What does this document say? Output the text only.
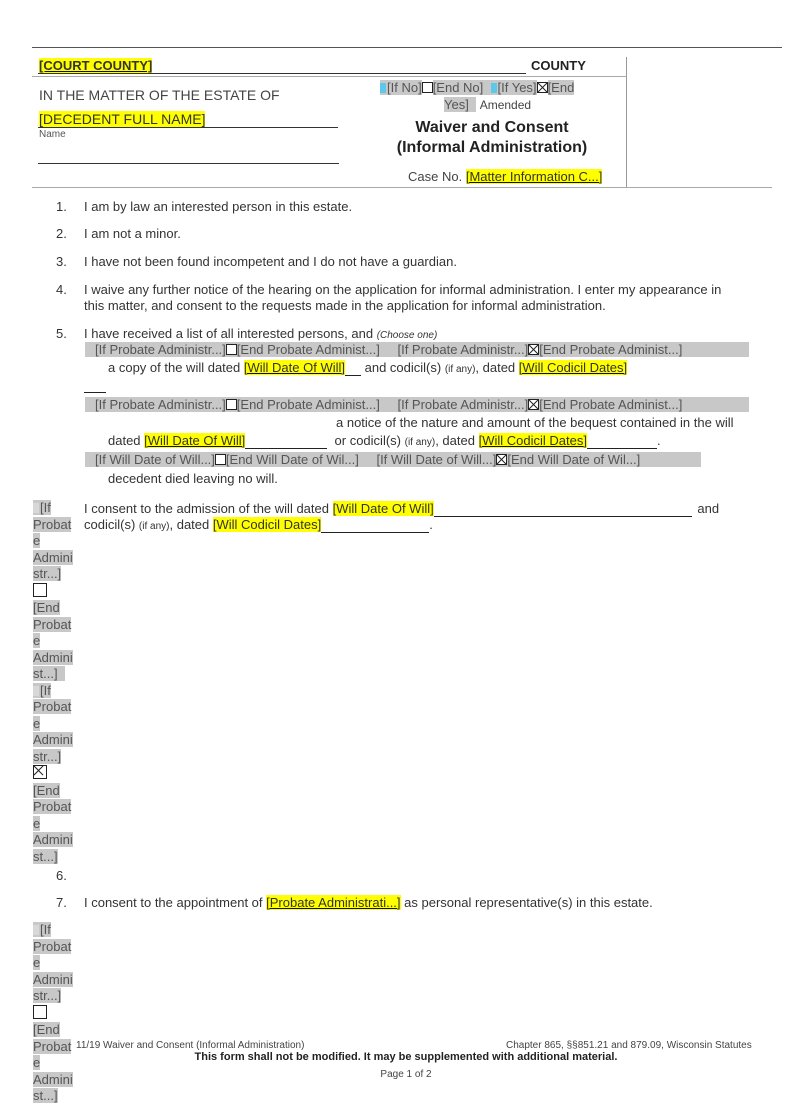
[COURT COUNTY]	COUNTY
IN THE MATTER OF THE ESTATE OF
[DECEDENT FULL NAME]
Name
[If No] [End No] [If Yes] [End
Yes] Amended
Waiver and Consent
(Informal Administration)
Case No. [Matter Information C...]
1. I am by law an interested person in this estate.
2. I am not a minor.
3. I have not been found incompetent and I do not have a guardian.
4. I waive any further notice of the hearing on the application for informal administration. I enter my appearance in
this matter, and consent to the requests made in the application for informal administration.
5. I have received a list of all interested persons, and (Choose one)
[If Probate Administr...] [End Probate Administ...] [If Probate Administr...] [End Probate Administ...]
a copy of the will dated [Will Date Of Will] and codicil(s) (if any), dated [Will Codicil Dates]
[If Probate Administr...] [End Probate Administ...] [If Probate Administr...] [End Probate Administ...]
a notice of the nature and amount of the bequest contained in the will
dated [Will Date Of Will]	or codicil(s) (if any), dated [Will Codicil Dates]	.
[If Will Date of Will...] [End Will Date of Wil...] [If Will Date of Will...] [End Will Date of Wil...]
decedent died leaving no will.
I consent to the admission of the will dated [Will Date Of Will]	and
codicil(s) (if any), dated [Will Codicil Dates]	.
[If
Probat
e
Admini
str...]
[End
Probat
e
Admini
st...]
[If
Probat
e
Admini
str...]
[End
Probat
e
Admini
st...]
6.
7. I consent to the appointment of [Probate Administrati...] as personal representative(s) in this estate.
[If
Probat
e
Admini
str...]
[End
Probat
e
Admini
st...]
11/19 Waiver and Consent (Informal Administration)	Chapter 865, §§851.21 and 879.09, Wisconsin Statutes
This form shall not be modified. It may be supplemented with additional material.
Page 1 of 2
